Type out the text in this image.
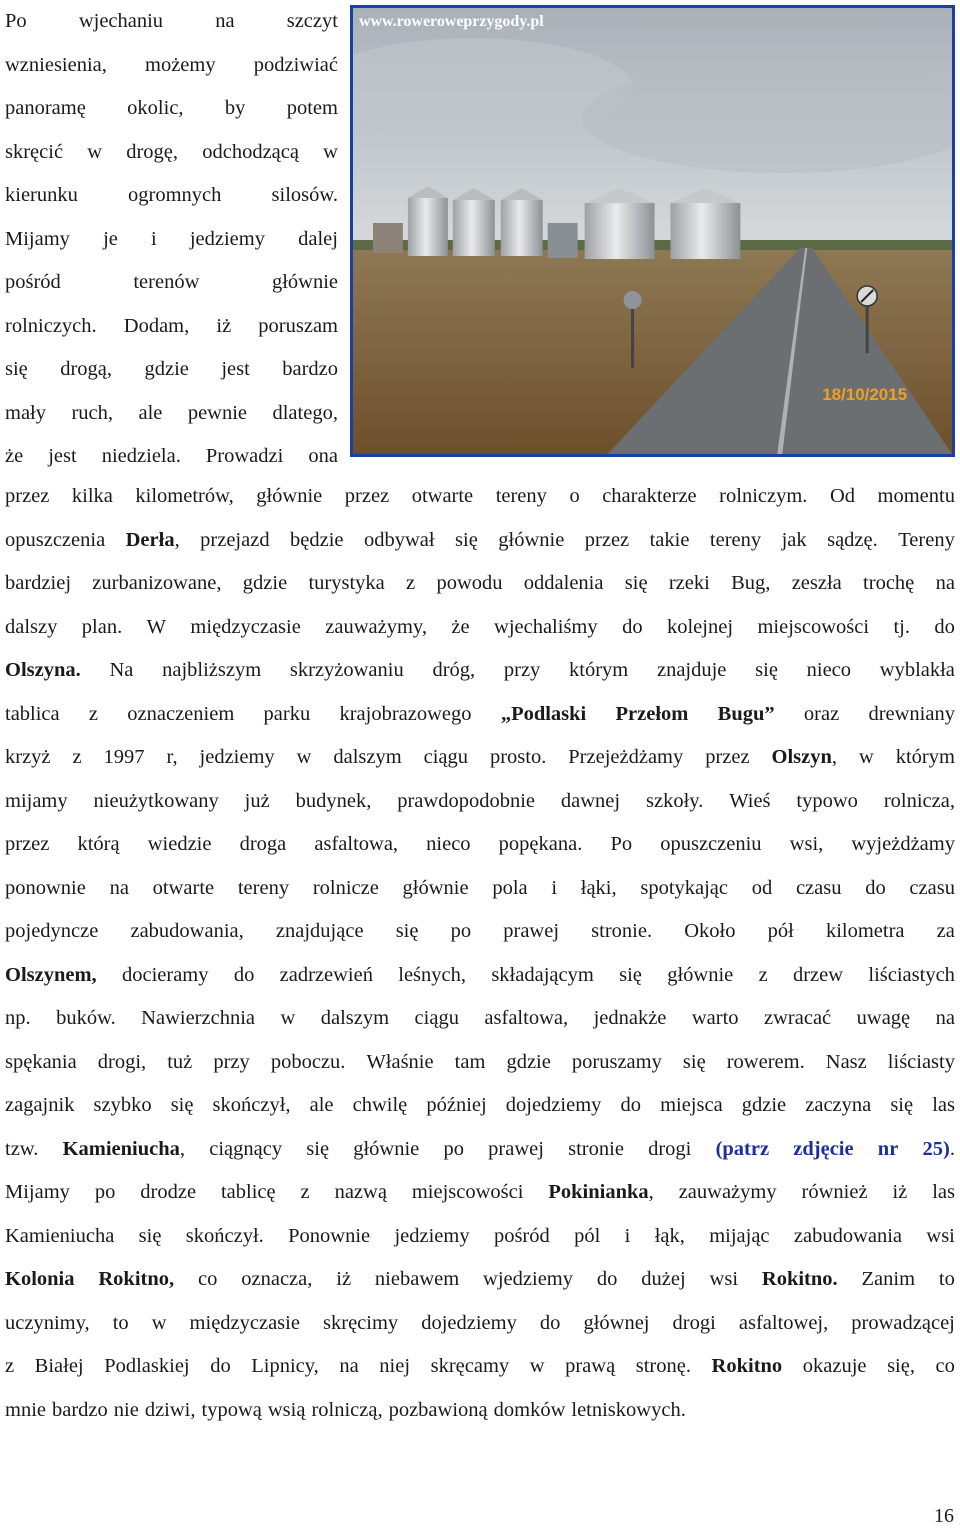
Po	wjechaniu	na	szczyt
wzniesienia, możemy podziwiać
panoramę okolic, by potem
skręcić w drogę, odchodzącą w
kierunku ogromnych silosów.
Mijamy je i jedziemy dalej
pośród	terenów	głównie
rolniczych. Dodam, iż poruszam
się drogą, gdzie jest bardzo
mały ruch, ale pewnie dlatego,
że jest niedziela. Prowadzi ona
www.roweroweprzygody.pl
18/10/2015
przez kilka kilometrów, głównie przez otwarte tereny o charakterze rolniczym. Od momentu
opuszczenia Derła, przejazd będzie odbywał się głównie przez takie tereny jak sądzę. Tereny
bardziej zurbanizowane, gdzie turystyka z powodu oddalenia się rzeki Bug, zeszła trochę na
dalszy plan. W międzyczasie zauważymy, że wjechaliśmy do kolejnej miejscowości tj. do
Olszyna. Na najbliższym skrzyżowaniu dróg, przy którym znajduje się nieco wyblakła
tablica z oznaczeniem parku krajobrazowego „Podlaski Przełom Bugu” oraz drewniany
krzyż z 1997 r, jedziemy w dalszym ciągu prosto. Przejeżdżamy przez Olszyn, w którym
mijamy nieużytkowany już budynek, prawdopodobnie dawnej szkoły. Wieś typowo rolnicza,
przez którą wiedzie droga asfaltowa, nieco popękana. Po opuszczeniu wsi, wyjeżdżamy
ponownie na otwarte tereny rolnicze głównie pola i łąki, spotykając od czasu do czasu
pojedyncze zabudowania, znajdujące się po prawej stronie. Około pół kilometra za
Olszynem, docieramy do zadrzewień leśnych, składającym się głównie z drzew liściastych
np. buków. Nawierzchnia w dalszym ciągu asfaltowa, jednakże warto zwracać uwagę na
spękania drogi, tuż przy poboczu. Właśnie tam gdzie poruszamy się rowerem. Nasz liściasty
zagajnik szybko się skończył, ale chwilę później dojedziemy do miejsca gdzie zaczyna się las
tzw. Kamieniucha, ciągnący się głównie po prawej stronie drogi (patrz zdjęcie nr 25).
Mijamy po drodze tablicę z nazwą miejscowości Pokinianka, zauważymy również iż las
Kamieniucha się skończył. Ponownie jedziemy pośród pól i łąk, mijając zabudowania wsi
Kolonia Rokitno, co oznacza, iż niebawem wjedziemy do dużej wsi Rokitno. Zanim to
uczynimy, to w międzyczasie skręcimy dojedziemy do głównej drogi asfaltowej, prowadzącej
z Białej Podlaskiej do Lipnicy, na niej skręcamy w prawą stronę. Rokitno okazuje się, co
mnie bardzo nie dziwi, typową wsią rolniczą, pozbawioną domków letniskowych.
16
